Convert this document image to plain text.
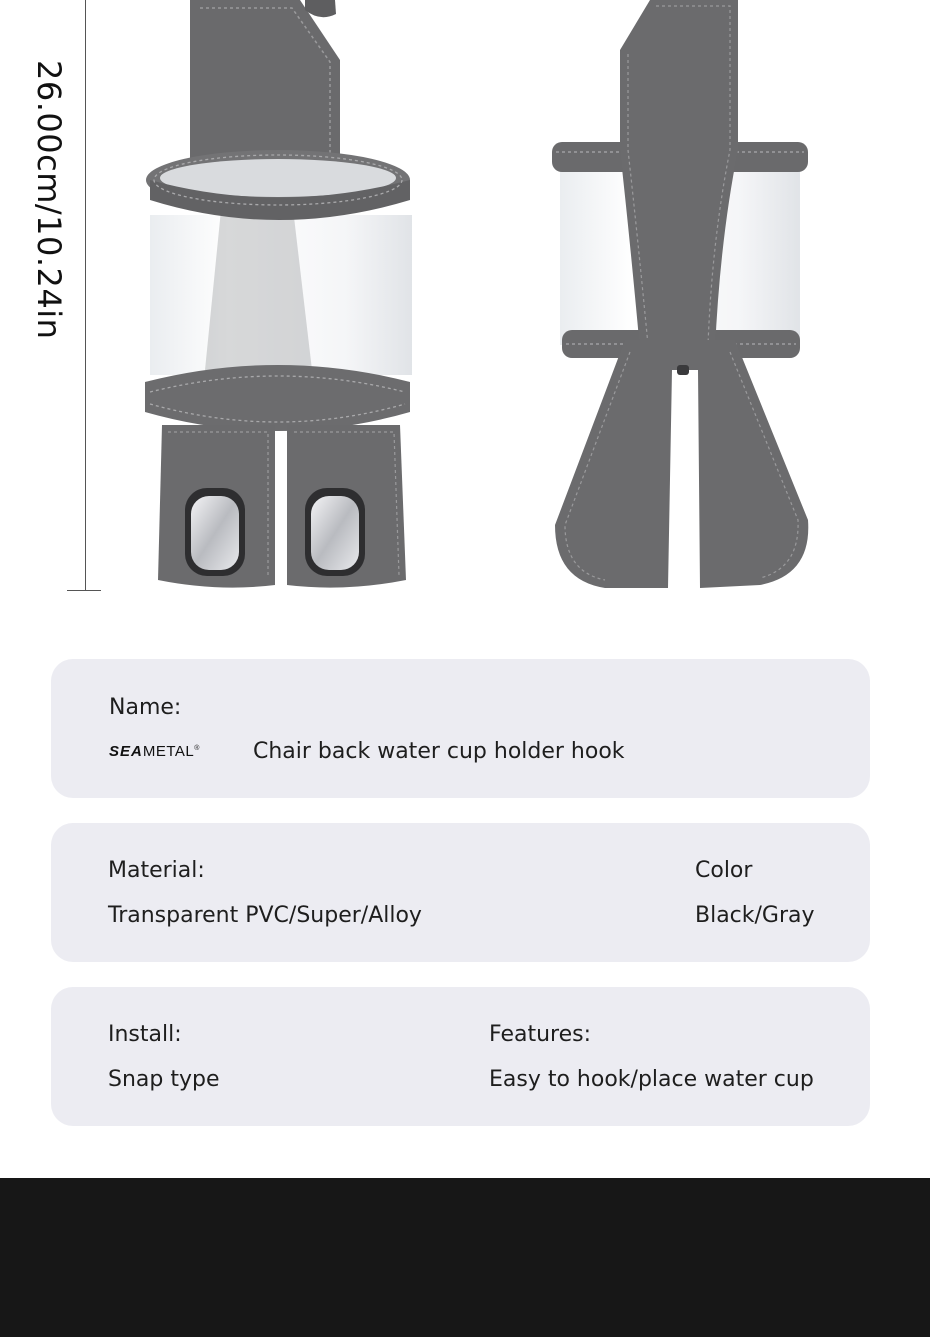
26.00cm/10.24in
Name:
SEAMETAL® Chair back water cup holder hook
Material:
Transparent PVC/Super/Alloy
Color
Black/Gray
Install:
Snap type
Features:
Easy to hook/place water cup
